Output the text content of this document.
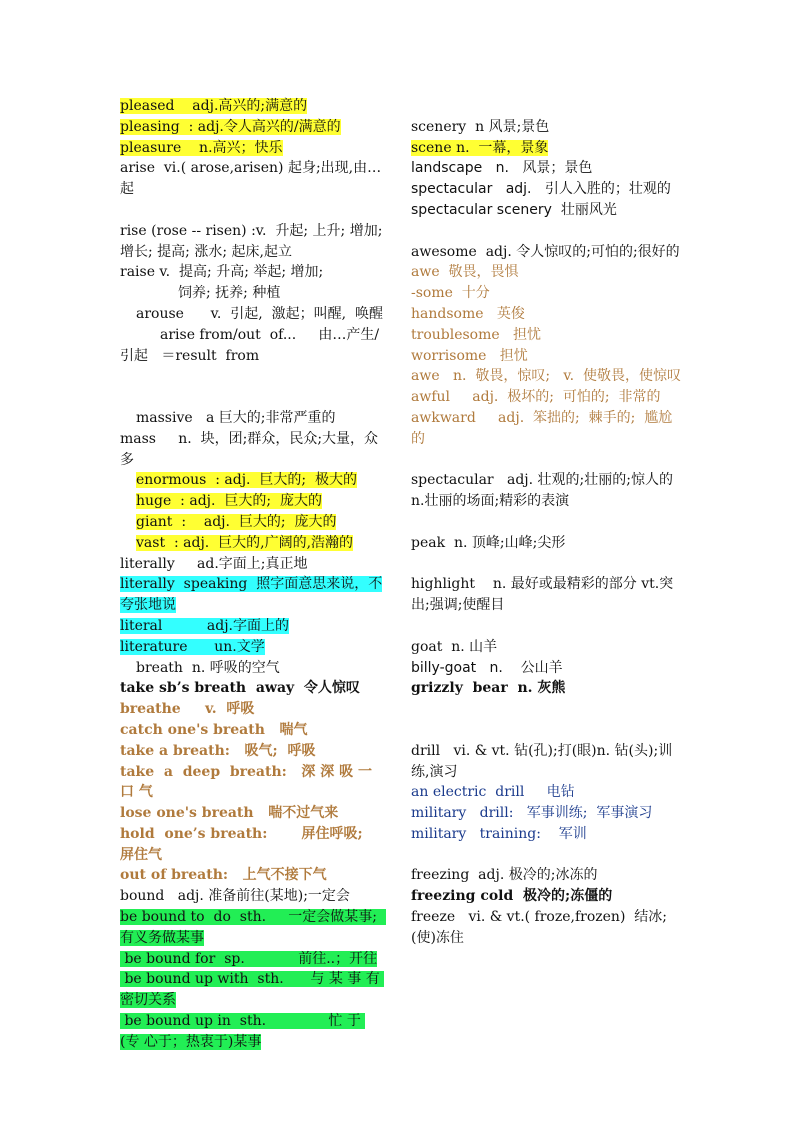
pleased    adj.高兴的;满意的
pleasing  : adj.令人高兴的/满意的
pleasure    n.高兴；快乐
arise  vi.( arose,arisen) 起身;出现,由…起
rise (rose -- risen) :v.  升起; 上升; 增加; 增长; 提高; 涨水; 起床,起立
raise v.  提高; 升高; 举起; 增加;
饲养; 抚养; 种植
arouse      v.  引起,  激起；叫醒,  唤醒
arise from/out  of...     由…产生/引起   ＝result  from
massive   a 巨大的;非常严重的
mass     n.  块，团;群众，民众;大量，众多
enormous  : adj.  巨大的;  极大的
huge  : adj.  巨大的;  庞大的
giant  :    adj.  巨大的;  庞大的
vast  : adj.  巨大的,广阔的,浩瀚的
literally     ad.字面上;真正地
literally  speaking  照字面意思来说，不夸张地说
literal          adj.字面上的
literature      un.文学
breath  n. 呼吸的空气
take sb’s breath  away  令人惊叹
breathe     v.  呼吸
catch one's breath   喘气
take a breath:   吸气;  呼吸
take  a  deep  breath:   深 深 吸 一 口 气
lose one's breath   喘不过气来
hold  one’s breath:       屏住呼吸;  屏住气
out of breath:   上气不接下气
bound   adj. 准备前往(某地);一定会
be bound to  do  sth.     一定会做某事;  有义务做某事
be bound for  sp.            前往..；开往
be bound up with  sth.      与 某 事 有 密切关系
be bound up in  sth.              忙 于 (专 心于；热衷于)某事
scenery  n 风景;景色
scene n.  一幕，景象
landscape   n.   风景；景色
spectacular   adj.   引人入胜的；壮观的
spectacular scenery  壮丽风光
awesome  adj. 令人惊叹的;可怕的;很好的
awe  敬畏，畏惧
-some  十分
handsome   英俊
troublesome   担忧
worrisome   担忧
awe   n.  敬畏，惊叹;   v.  使敬畏，使惊叹
awful     adj.  极坏的;  可怕的;  非常的
awkward     adj.  笨拙的;  棘手的;  尴尬的
spectacular   adj. 壮观的;壮丽的;惊人的 n.壮丽的场面;精彩的表演
peak  n. 顶峰;山峰;尖形
highlight    n. 最好或最精彩的部分 vt.突出;强调;使醒目
goat  n. 山羊
billy-goat   n.    公山羊
grizzly  bear  n. 灰熊
drill   vi. & vt. 钻(孔);打(眼)n. 钻(头);训练,演习
an electric  drill     电钻
military   drill:   军事训练;  军事演习
military   training:    军训
freezing  adj. 极冷的;冰冻的
freezing cold  极冷的;冻僵的
freeze   vi. & vt.( froze,frozen)  结冰;(使)冻住
